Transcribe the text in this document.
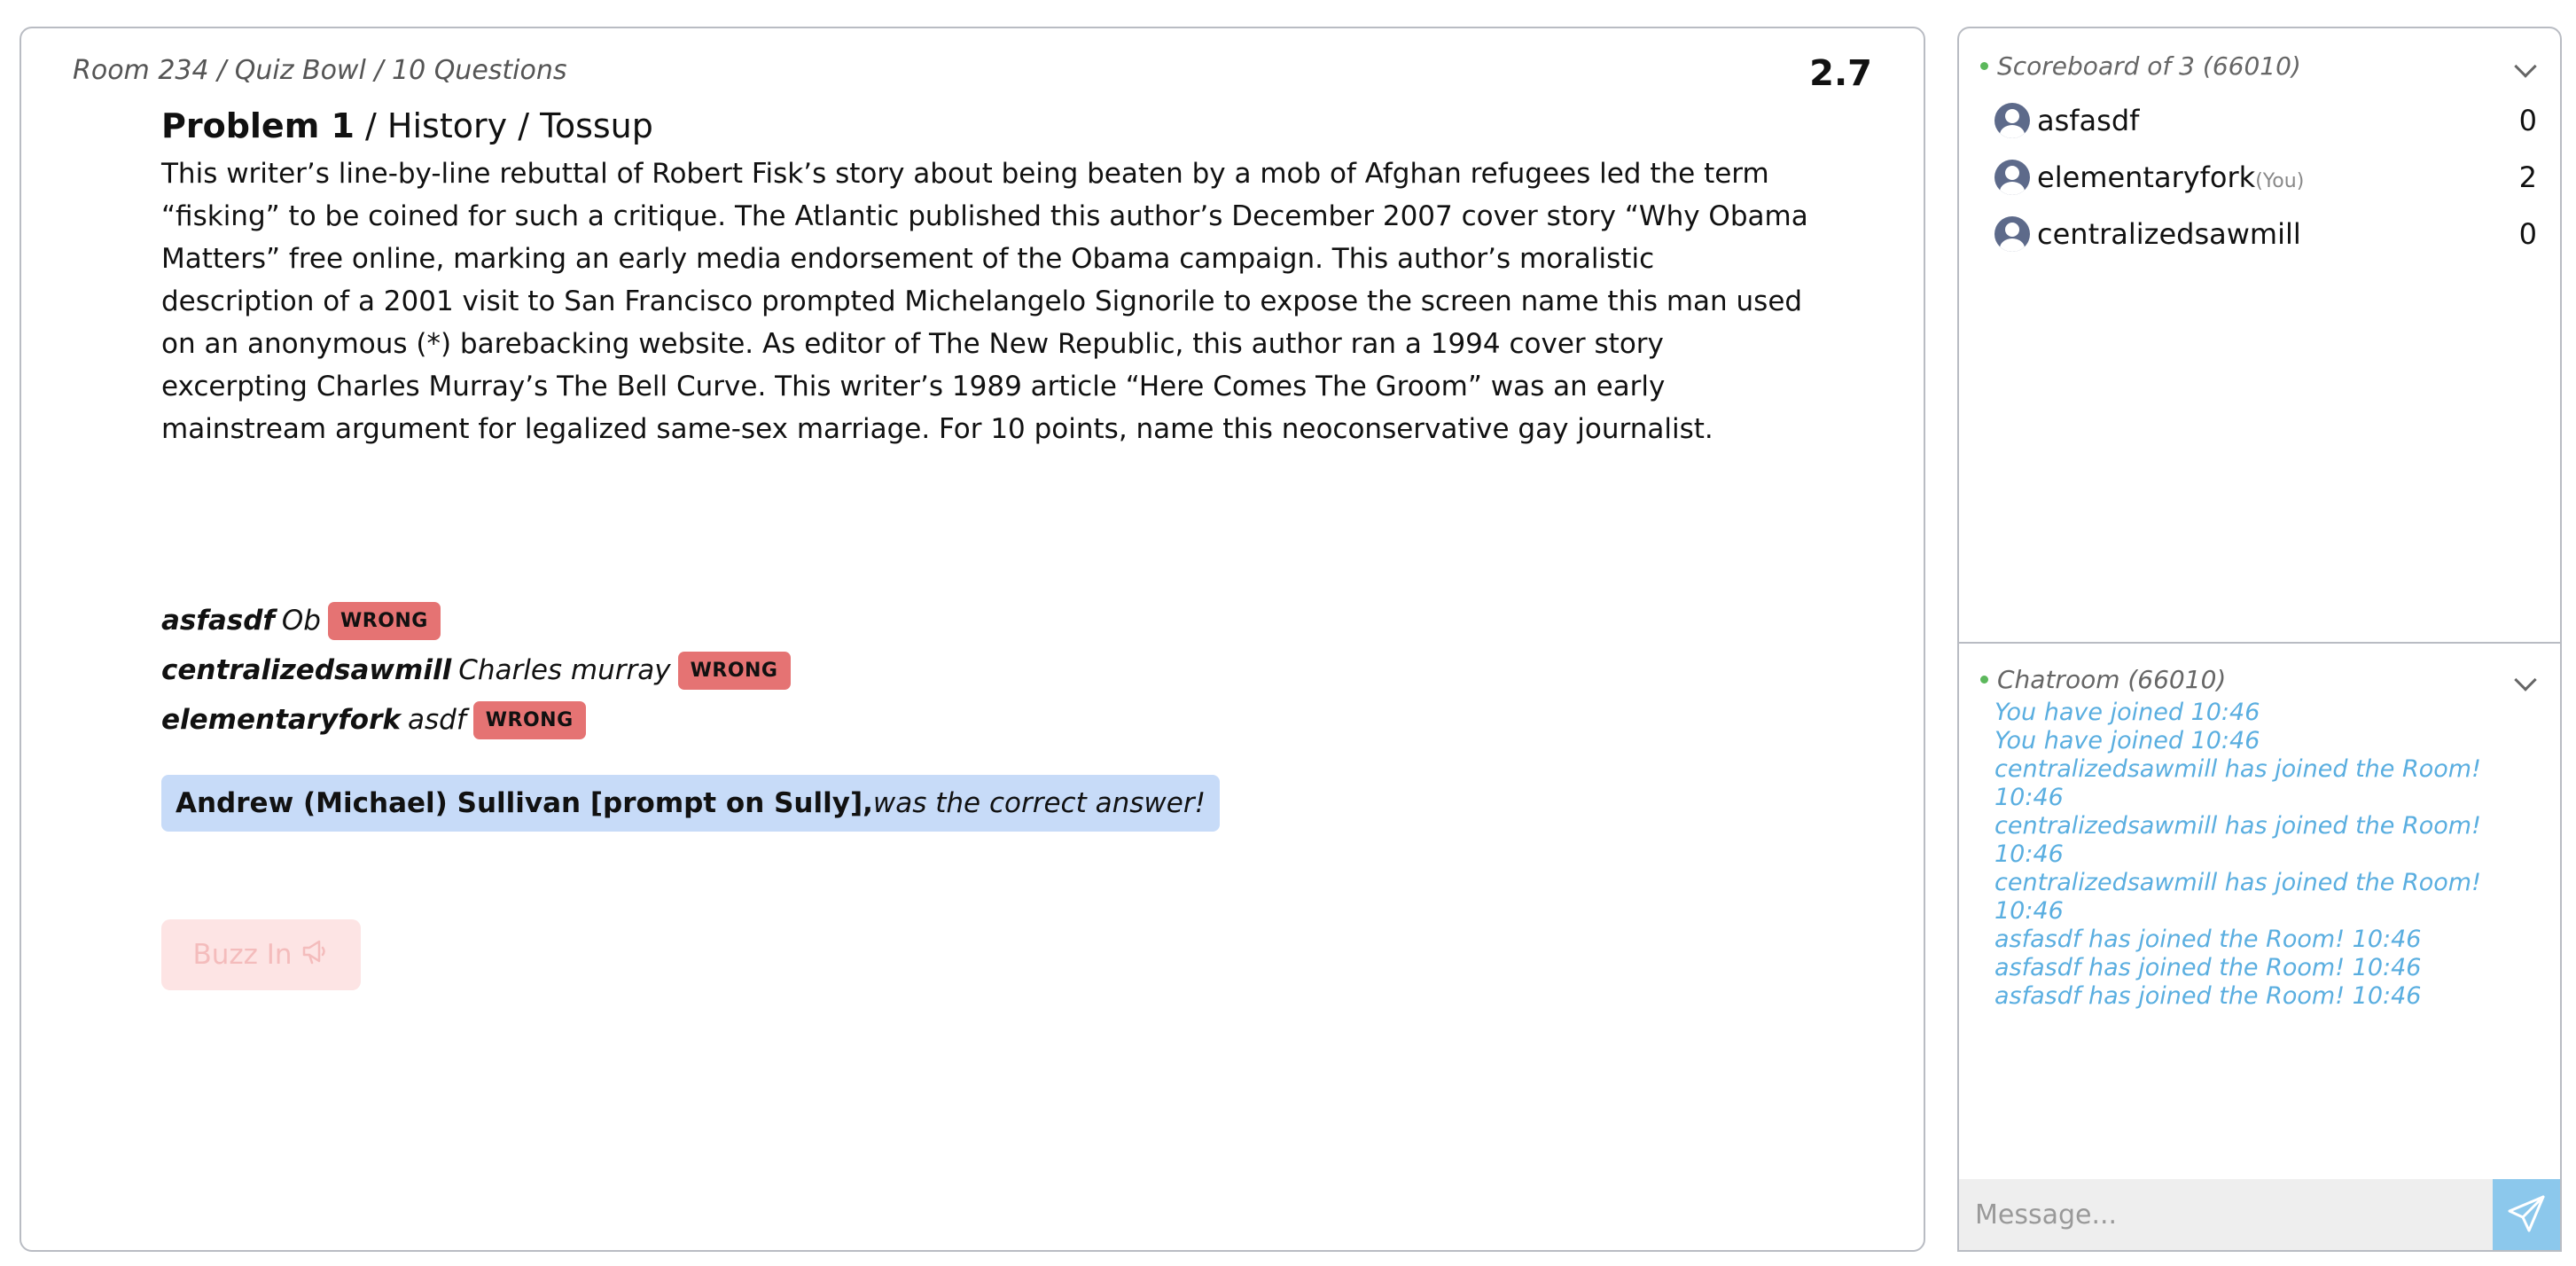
Room 234 / Quiz Bowl / 10 Questions	2.7
Problem 1 / History / Tossup
This writer’s line-by-line rebuttal of Robert Fisk’s story about being beaten by a mob of Afghan refugees led the term “fisking” to be coined for such a critique. The Atlantic published this author’s December 2007 cover story “Why Obama Matters” free online, marking an early media endorsement of the Obama campaign. This author’s moralistic description of a 2001 visit to San Francisco prompted Michelangelo Signorile to expose the screen name this man used on an anonymous (*) barebacking website. As editor of The New Republic, this author ran a 1994 cover story excerpting Charles Murray’s The Bell Curve. This writer’s 1989 article “Here Comes The Groom” was an early mainstream argument for legalized same-sex marriage. For 10 points, name this neoconservative gay journalist.
asfasdf Ob	WRONG
centralizedsawmill Charles murray	WRONG
elementaryfork asdf	WRONG
Andrew (Michael) Sullivan [prompt on Sully], was the correct answer!
Buzz In
Scoreboard of 3 (66010)
asfasdf	0
elementaryfork(You)	2
centralizedsawmill	0
Chatroom (66010)
You have joined 10:46
You have joined 10:46
centralizedsawmill has joined the Room! 10:46
centralizedsawmill has joined the Room! 10:46
centralizedsawmill has joined the Room! 10:46
asfasdf has joined the Room! 10:46
asfasdf has joined the Room! 10:46
asfasdf has joined the Room! 10:46
Message...
